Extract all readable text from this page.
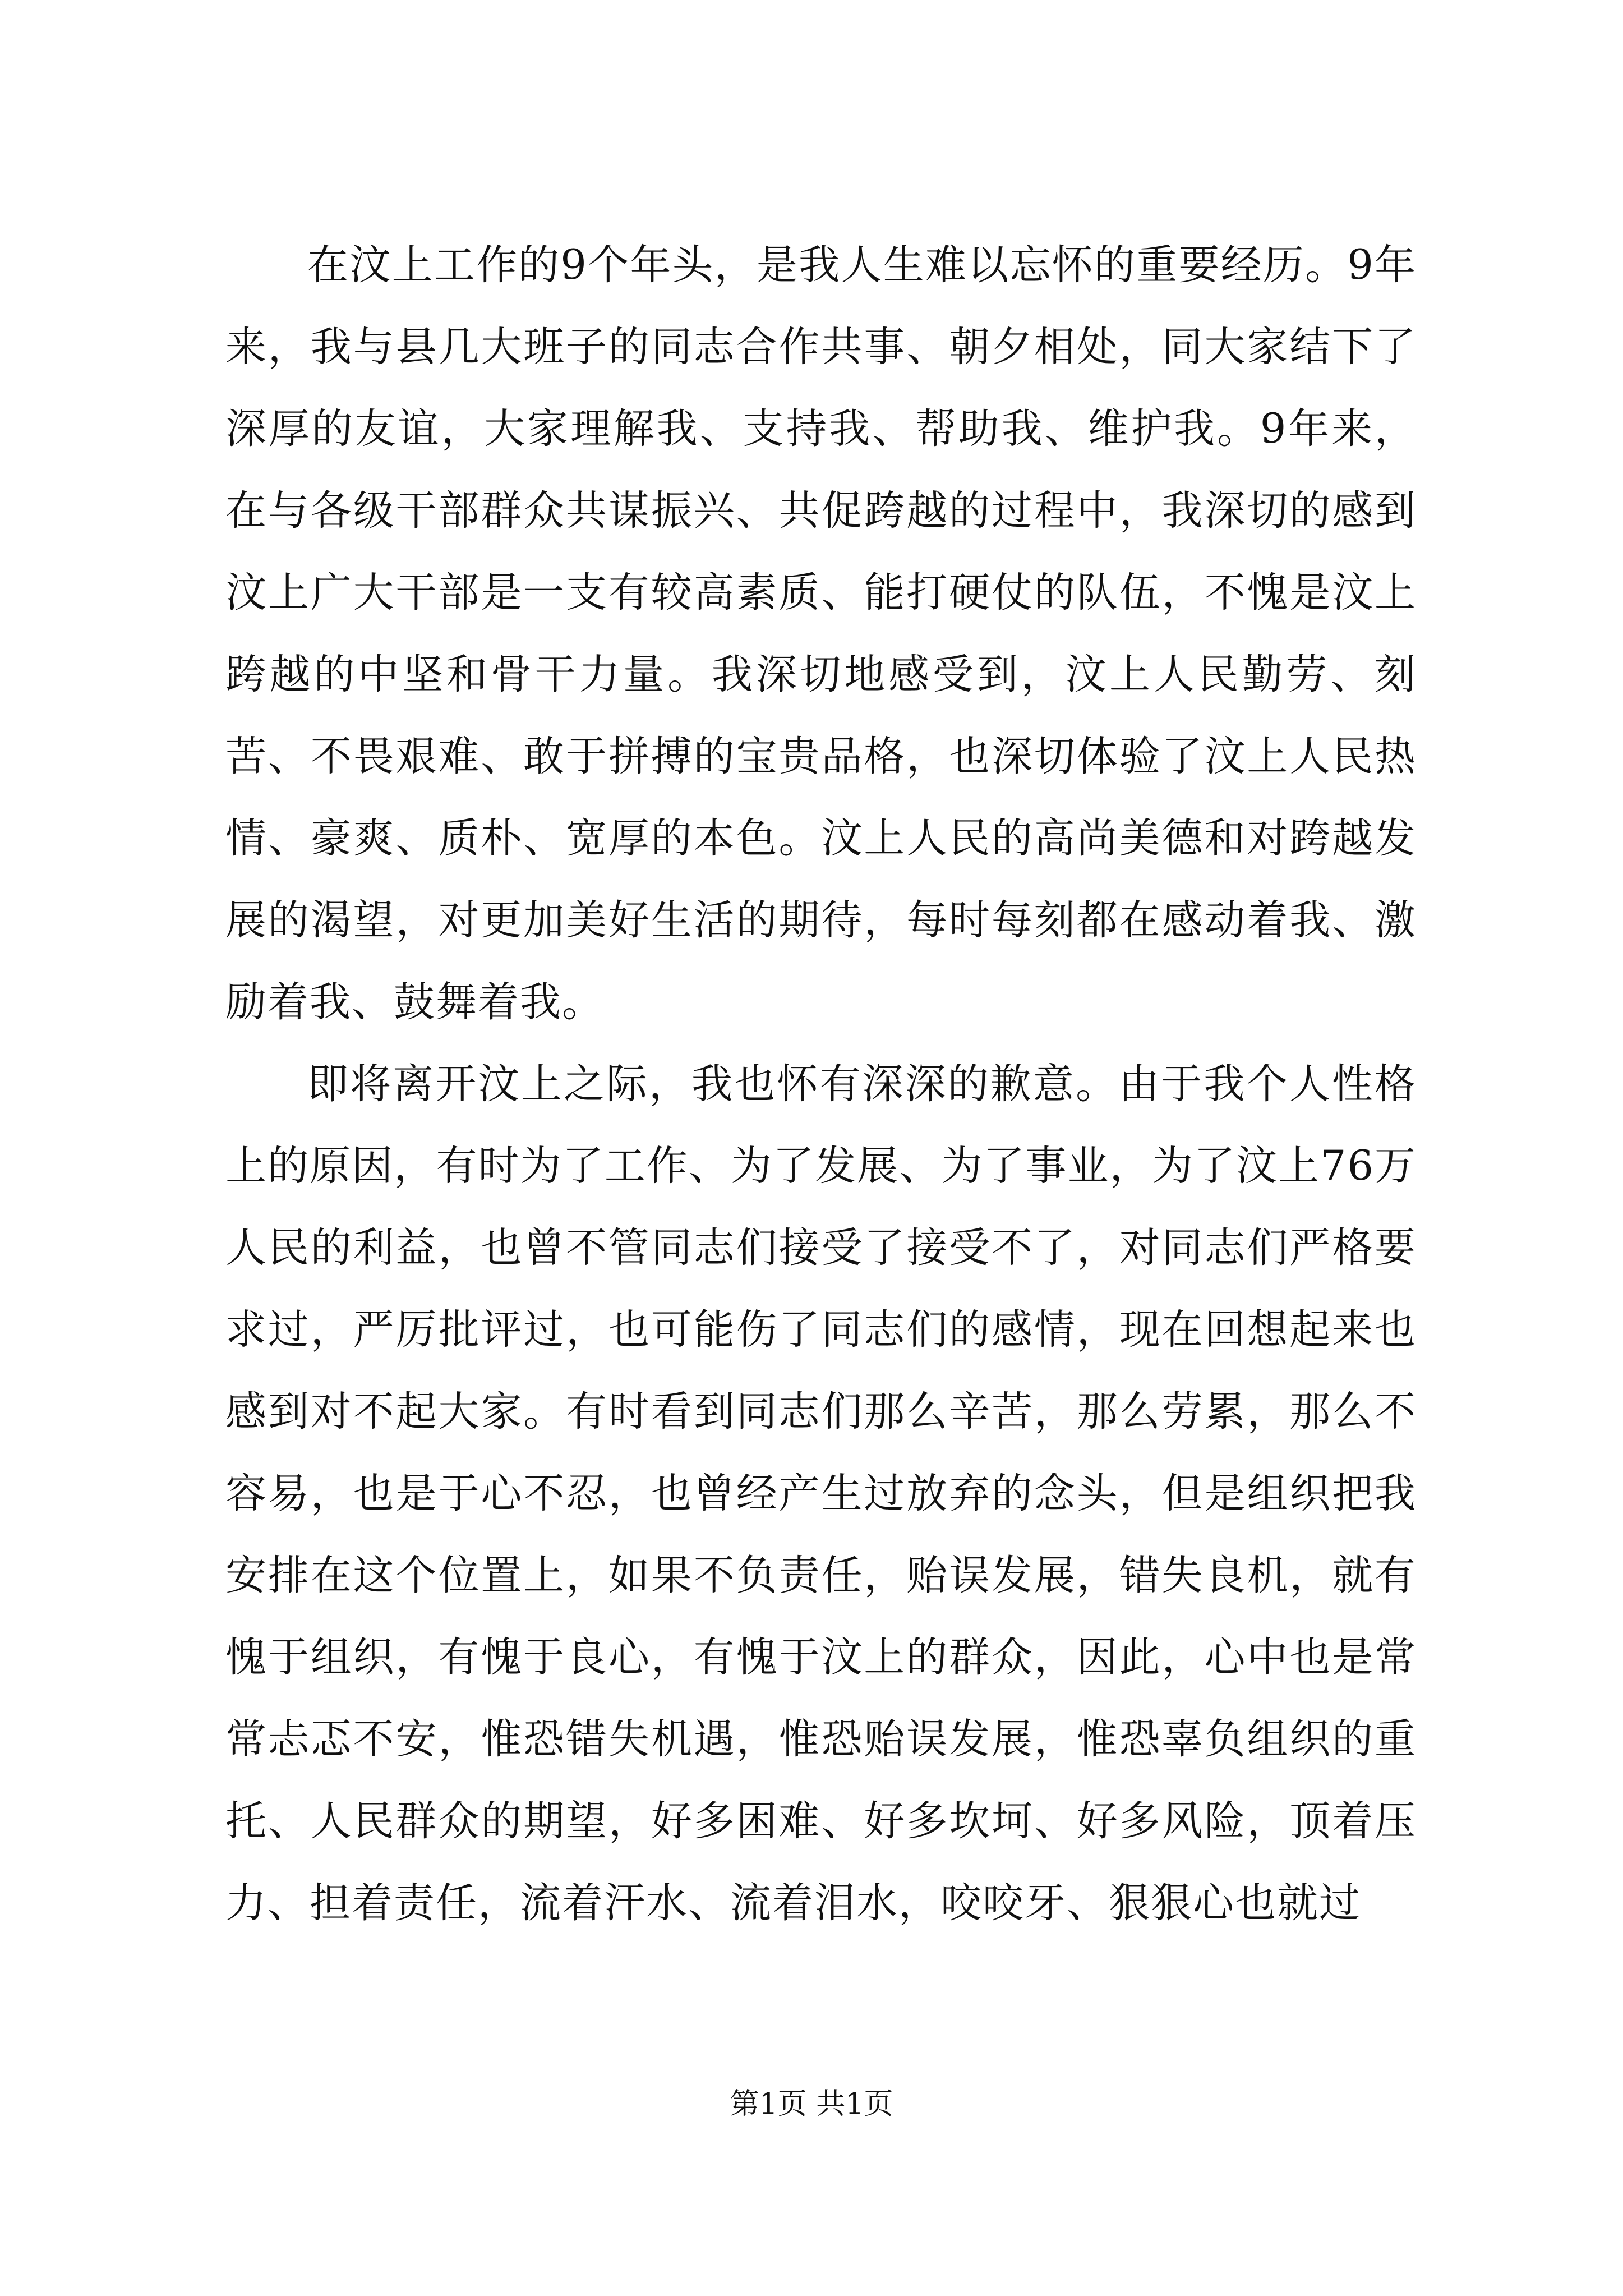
在汶上工作的9个年头，是我人生难以忘怀的重要经历。9年来，我与县几大班子的同志合作共事、朝夕相处，同大家结下了深厚的友谊，大家理解我、支持我、帮助我、维护我。9年来，在与各级干部群众共谋振兴、共促跨越的过程中，我深切的感到汶上广大干部是一支有较高素质、能打硬仗的队伍，不愧是汶上跨越的中坚和骨干力量。我深切地感受到，汶上人民勤劳、刻苦、不畏艰难、敢于拼搏的宝贵品格，也深切体验了汶上人民热情、豪爽、质朴、宽厚的本色。汶上人民的高尚美德和对跨越发展的渴望，对更加美好生活的期待，每时每刻都在感动着我、激励着我、鼓舞着我。

即将离开汶上之际，我也怀有深深的歉意。由于我个人性格上的原因，有时为了工作、为了发展、为了事业，为了汶上76万人民的利益，也曾不管同志们接受了接受不了，对同志们严格要求过，严厉批评过，也可能伤了同志们的感情，现在回想起来也感到对不起大家。有时看到同志们那么辛苦，那么劳累，那么不容易，也是于心不忍，也曾经产生过放弃的念头，但是组织把我安排在这个位置上，如果不负责任，贻误发展，错失良机，就有愧于组织，有愧于良心，有愧于汶上的群众，因此，心中也是常常忐忑不安，惟恐错失机遇，惟恐贻误发展，惟恐辜负组织的重托、人民群众的期望，好多困难、好多坎坷、好多风险，顶着压力、担着责任，流着汗水、流着泪水，咬咬牙、狠狠心也就过

第1页 共1页
